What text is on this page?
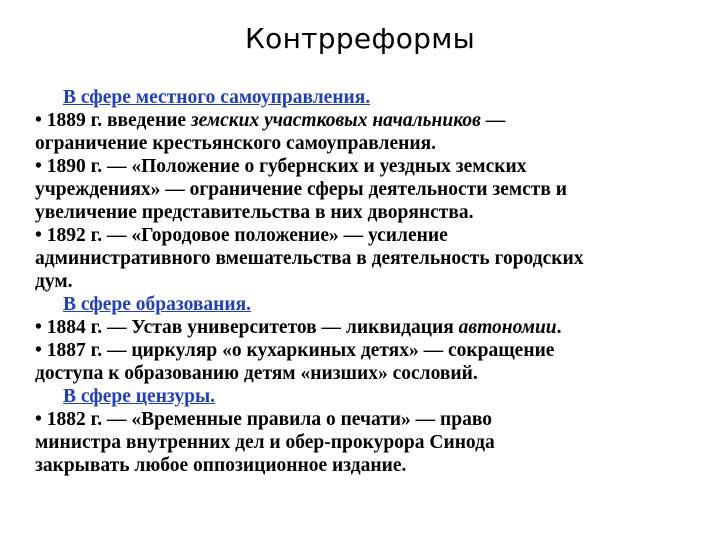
Контрреформы
В сфере местного самоуправления.
• 1889 г. введение земских участковых начальников —
ограничение крестьянского самоуправления.
• 1890 г. — «Положение о губернских и уездных земских
учреждениях» — ограничение сферы деятельности земств и
увеличение представительства в них дворянства.
• 1892 г. — «Городовое положение» — усиление
административного вмешательства в деятельность городских
дум.
В сфере образования.
• 1884 г. — Устав университетов — ликвидация автономии.
• 1887 г. — циркуляр «о кухаркиных детях» — сокращение
доступа к образованию детям «низших» сословий.
В сфере цензуры.
• 1882 г. — «Временные правила о печати» — право
министра внутренних дел и обер-прокурора Синода
закрывать любое оппозиционное издание.
